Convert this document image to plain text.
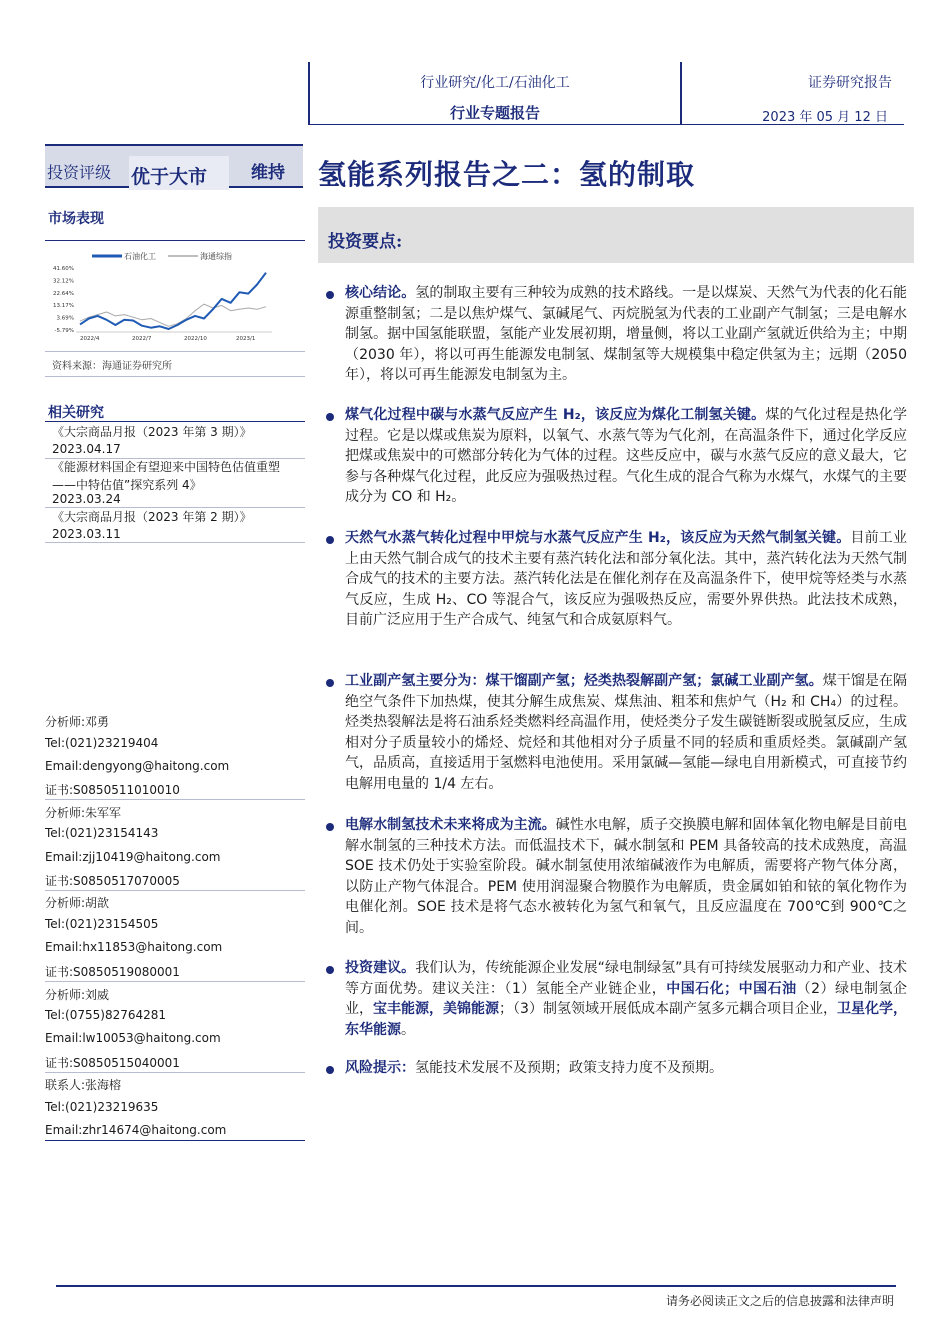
行业研究/化工/石油化工
行业专题报告
证券研究报告
2023 年 05 月 12 日
投资评级 优于大市	维持 氢能系列报告之二：氢的制取
投资要点:
市场表现
石油化工	海通综指
41.60%
32.12%
22.64%
13.17%
3.69%
-5.79%
2022/4	2022/7	2022/10	2023/1
资料来源：海通证券研究所
相关研究
《大宗商品月报（2023 年第 3 期）》
2023.04.17
《能源材料国企有望迎来中国特色估值重塑——中特估值”探究系列 4》
2023.03.24
《大宗商品月报（2023 年第 2 期）》
2023.03.11
分析师:邓勇
Tel:(021)23219404
Email:dengyong@haitong.com
证书:S0850511010010
分析师:朱军军
Tel:(021)23154143
Email:zjj10419@haitong.com
证书:S0850517070005
分析师:胡歆
Tel:(021)23154505
Email:hx11853@haitong.com
证书:S0850519080001
分析师:刘威
Tel:(0755)82764281
Email:lw10053@haitong.com
证书:S0850515040001
联系人:张海榕
Tel:(021)23219635
Email:zhr14674@haitong.com
核心结论。氢的制取主要有三种较为成熟的技术路线。一是以煤炭、天然气为代表的化石能源重整制氢；二是以焦炉煤气、氯碱尾气、丙烷脱氢为代表的工业副产气制氢；三是电解水制氢。据中国氢能联盟，氢能产业发展初期，增量侧，将以工业副产氢就近供给为主；中期（2030 年），将以可再生能源发电制氢、煤制氢等大规模集中稳定供氢为主；远期（2050 年），将以可再生能源发电制氢为主。
煤气化过程中碳与水蒸气反应产生 H₂，该反应为煤化工制氢关键。煤的气化过程是热化学过程。它是以煤或焦炭为原料，以氧气、水蒸气等为气化剂，在高温条件下，通过化学反应把煤或焦炭中的可燃部分转化为气体的过程。这些反应中，碳与水蒸气反应的意义最大，它参与各种煤气化过程，此反应为强吸热过程。气化生成的混合气称为水煤气，水煤气的主要成分为 CO 和 H₂。
天然气水蒸气转化过程中甲烷与水蒸气反应产生 H₂，该反应为天然气制氢关键。目前工业上由天然气制合成气的技术主要有蒸汽转化法和部分氧化法。其中，蒸汽转化法为天然气制合成气的技术的主要方法。蒸汽转化法是在催化剂存在及高温条件下，使甲烷等烃类与水蒸气反应，生成 H₂、CO 等混合气，该反应为强吸热反应，需要外界供热。此法技术成熟，目前广泛应用于生产合成气、纯氢气和合成氨原料气。
工业副产氢主要分为：煤干馏副产氢；烃类热裂解副产氢；氯碱工业副产氢。煤干馏是在隔绝空气条件下加热煤，使其分解生成焦炭、煤焦油、粗苯和焦炉气（H₂ 和 CH₄）的过程。烃类热裂解法是将石油系烃类燃料经高温作用，使烃类分子发生碳链断裂或脱氢反应，生成相对分子质量较小的烯烃、烷烃和其他相对分子质量不同的轻质和重质烃类。氯碱副产氢气，品质高，直接适用于氢燃料电池使用。采用氯碱—氢能—绿电自用新模式，可直接节约电解用电量的 1/4 左右。
电解水制氢技术未来将成为主流。碱性水电解，质子交换膜电解和固体氧化物电解是目前电解水制氢的三种技术方法。而低温技术下，碱水制氢和 PEM 具备较高的技术成熟度，高温 SOE 技术仍处于实验室阶段。碱水制氢使用浓缩碱液作为电解质，需要将产物气体分离，以防止产物气体混合。PEM 使用润湿聚合物膜作为电解质，贵金属如铂和铱的氧化物作为电催化剂。SOE 技术是将气态水被转化为氢气和氧气，且反应温度在 700℃到 900℃之间。
投资建议。我们认为，传统能源企业发展“绿电制绿氢”具有可持续发展驱动力和产业、技术等方面优势。建议关注：（1）氢能全产业链企业，中国石化；中国石油（2）绿电制氢企业，宝丰能源，美锦能源；（3）制氢领域开展低成本副产氢多元耦合项目企业，卫星化学，东华能源。
风险提示：氢能技术发展不及预期；政策支持力度不及预期。
请务必阅读正文之后的信息披露和法律声明
